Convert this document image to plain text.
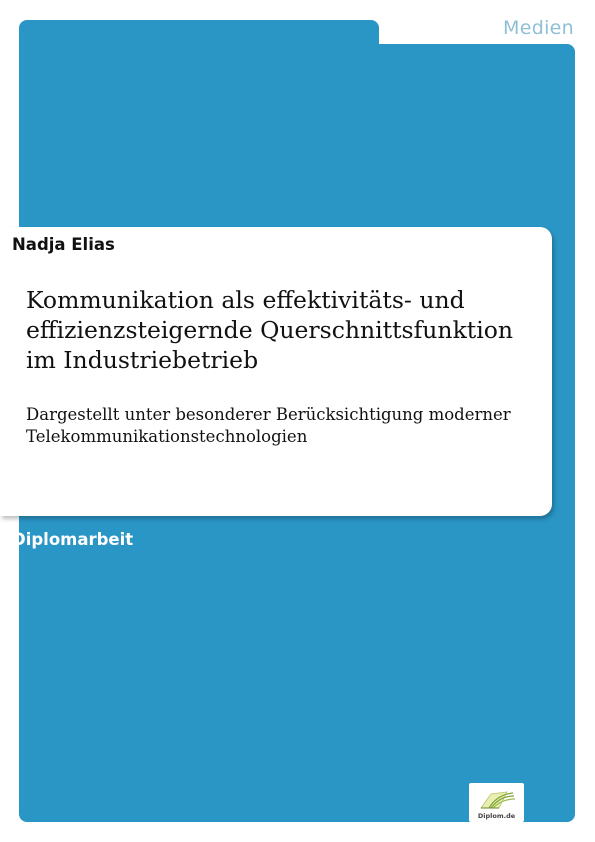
Medien

Nadja Elias

Kommunikation als effektivitäts- und
effizienzsteigernde Querschnittsfunktion
im Industriebetrieb

Dargestellt unter besonderer Berücksichtigung moderner
Telekommunikationstechnologien

Diplomarbeit

Diplom.de
